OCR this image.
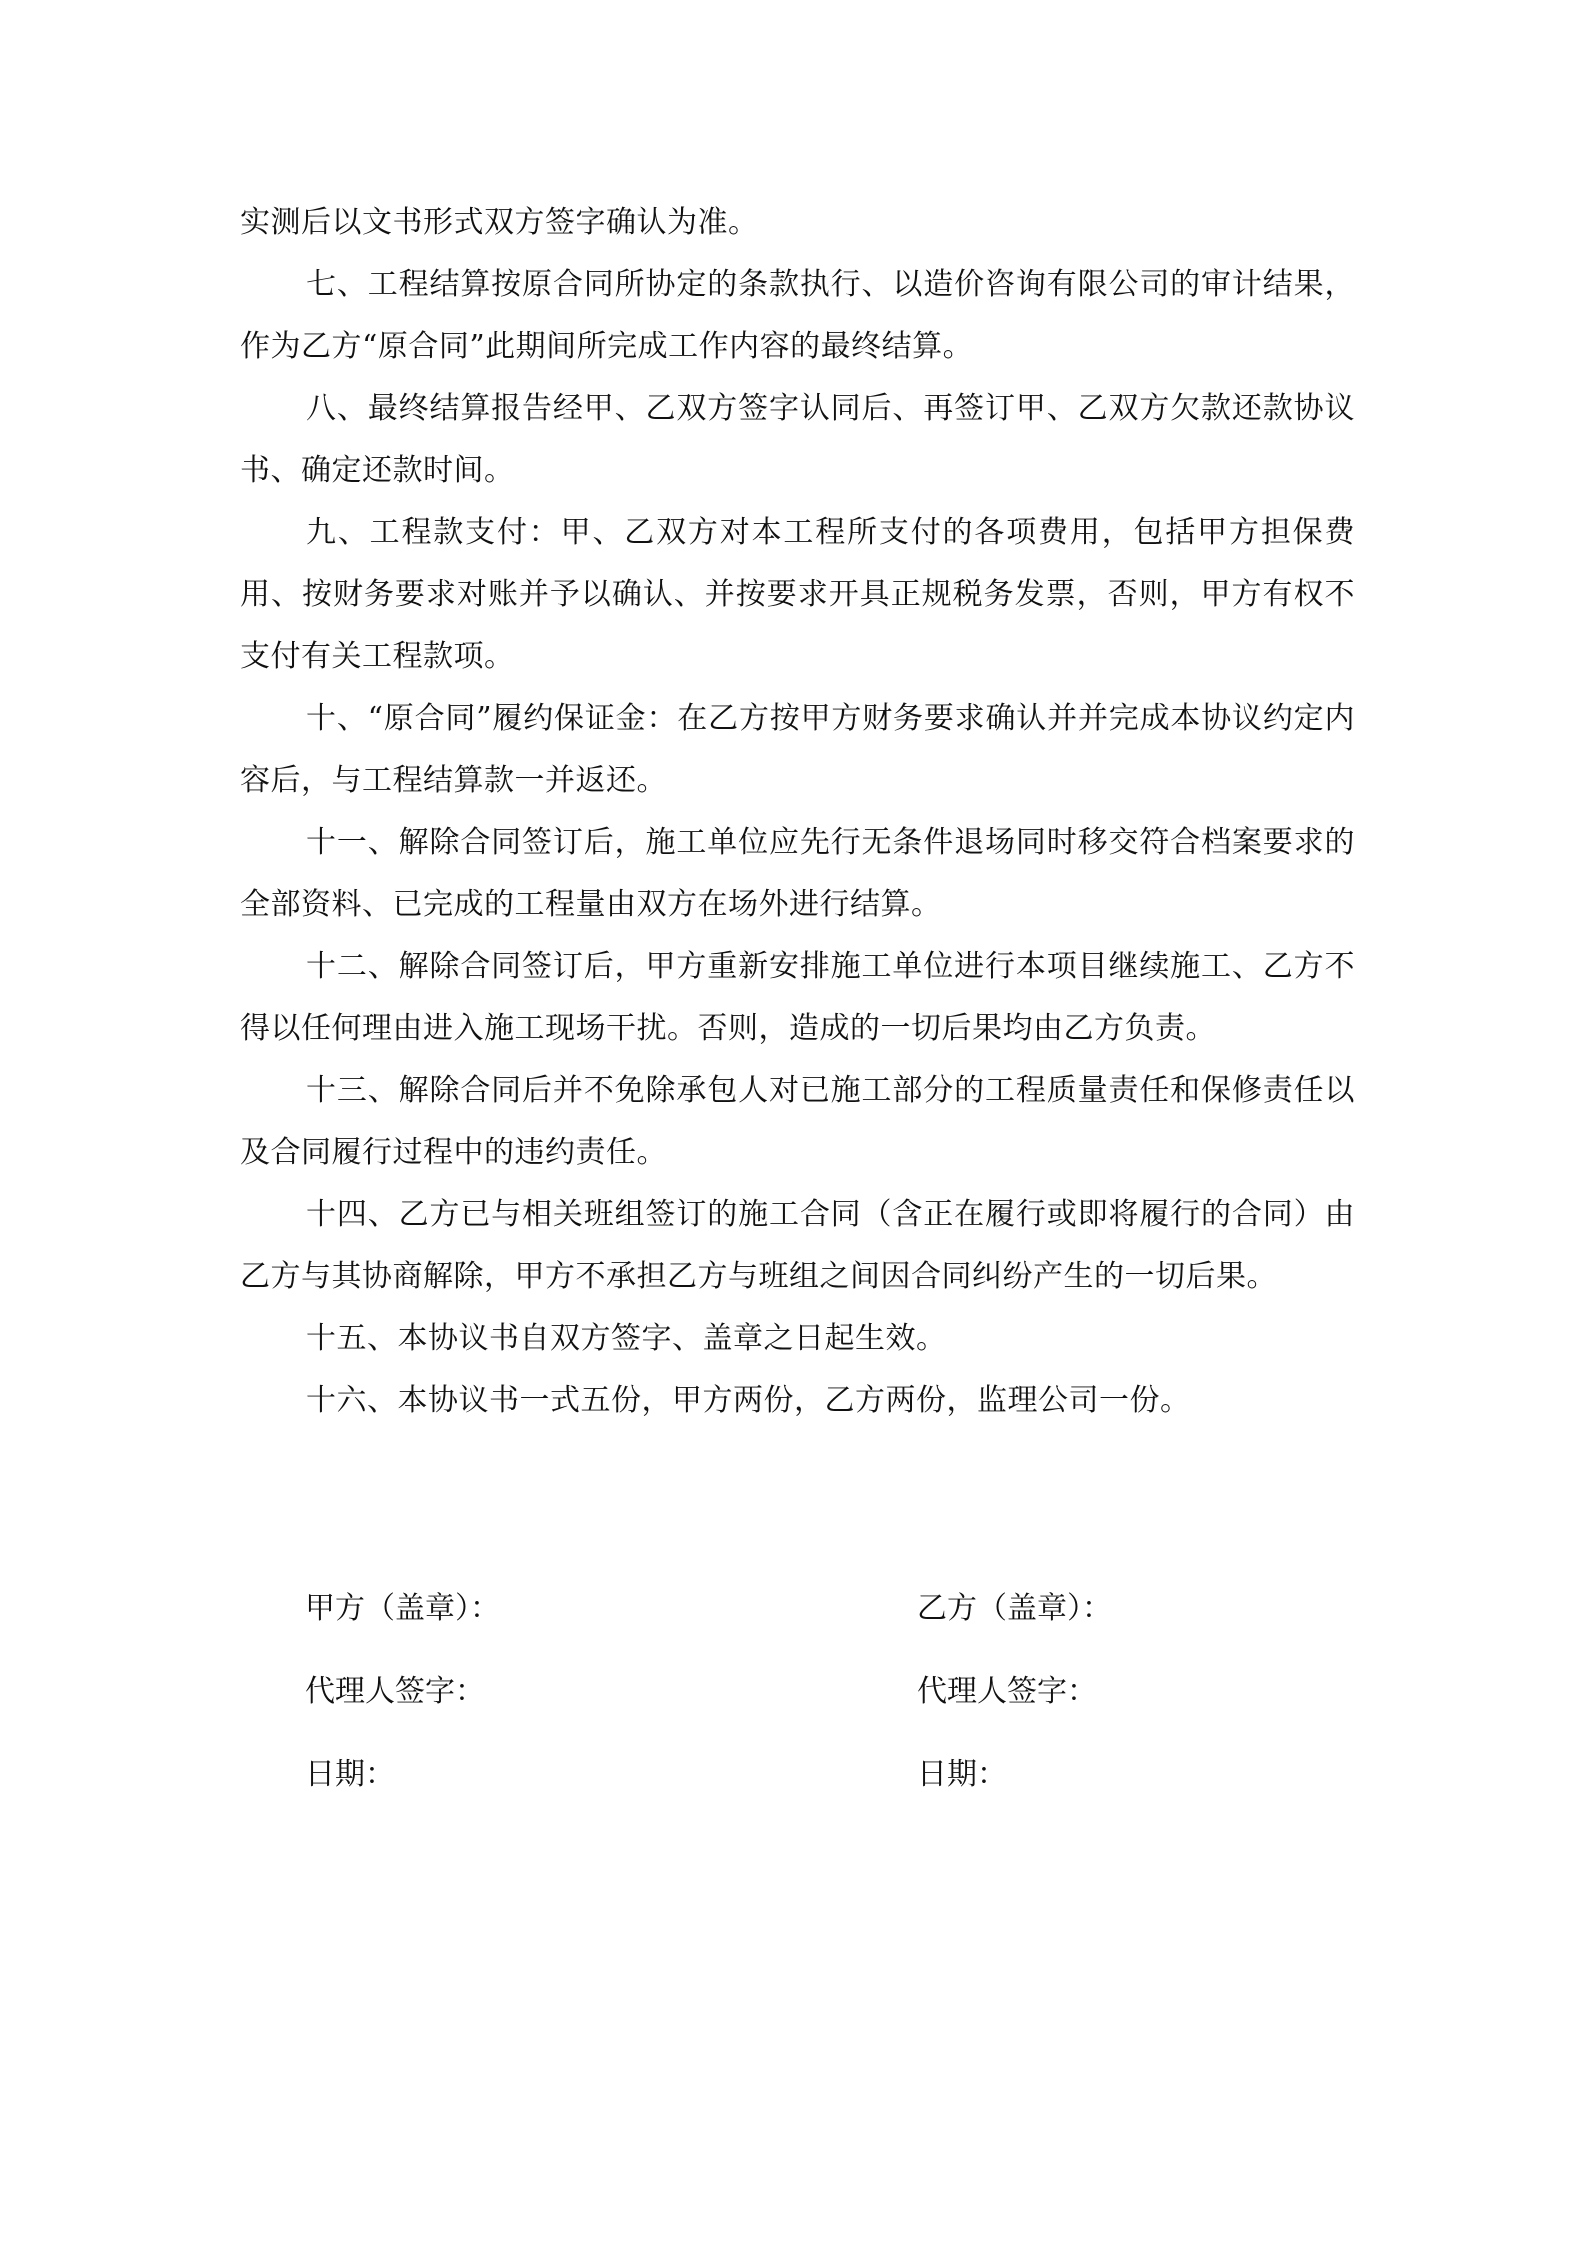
实测后以文书形式双方签字确认为准。

七、工程结算按原合同所协定的条款执行、以造价咨询有限公司的审计结果，作为乙方“原合同”此期间所完成工作内容的最终结算。

八、最终结算报告经甲、乙双方签字认同后、再签订甲、乙双方欠款还款协议书、确定还款时间。

九、工程款支付：甲、乙双方对本工程所支付的各项费用，包括甲方担保费用、按财务要求对账并予以确认、并按要求开具正规税务发票，否则，甲方有权不支付有关工程款项。

十、“原合同”履约保证金：在乙方按甲方财务要求确认并并完成本协议约定内容后，与工程结算款一并返还。

十一、解除合同签订后，施工单位应先行无条件退场同时移交符合档案要求的全部资料、已完成的工程量由双方在场外进行结算。

十二、解除合同签订后，甲方重新安排施工单位进行本项目继续施工、乙方不得以任何理由进入施工现场干扰。否则，造成的一切后果均由乙方负责。

十三、解除合同后并不免除承包人对已施工部分的工程质量责任和保修责任以及合同履行过程中的违约责任。

十四、乙方已与相关班组签订的施工合同（含正在履行或即将履行的合同）由乙方与其协商解除，甲方不承担乙方与班组之间因合同纠纷产生的一切后果。

十五、本协议书自双方签字、盖章之日起生效。

十六、本协议书一式五份，甲方两份，乙方两份，监理公司一份。

甲方（盖章）：	乙方（盖章）：
代理人签字：	代理人签字：
日期：	日期：
